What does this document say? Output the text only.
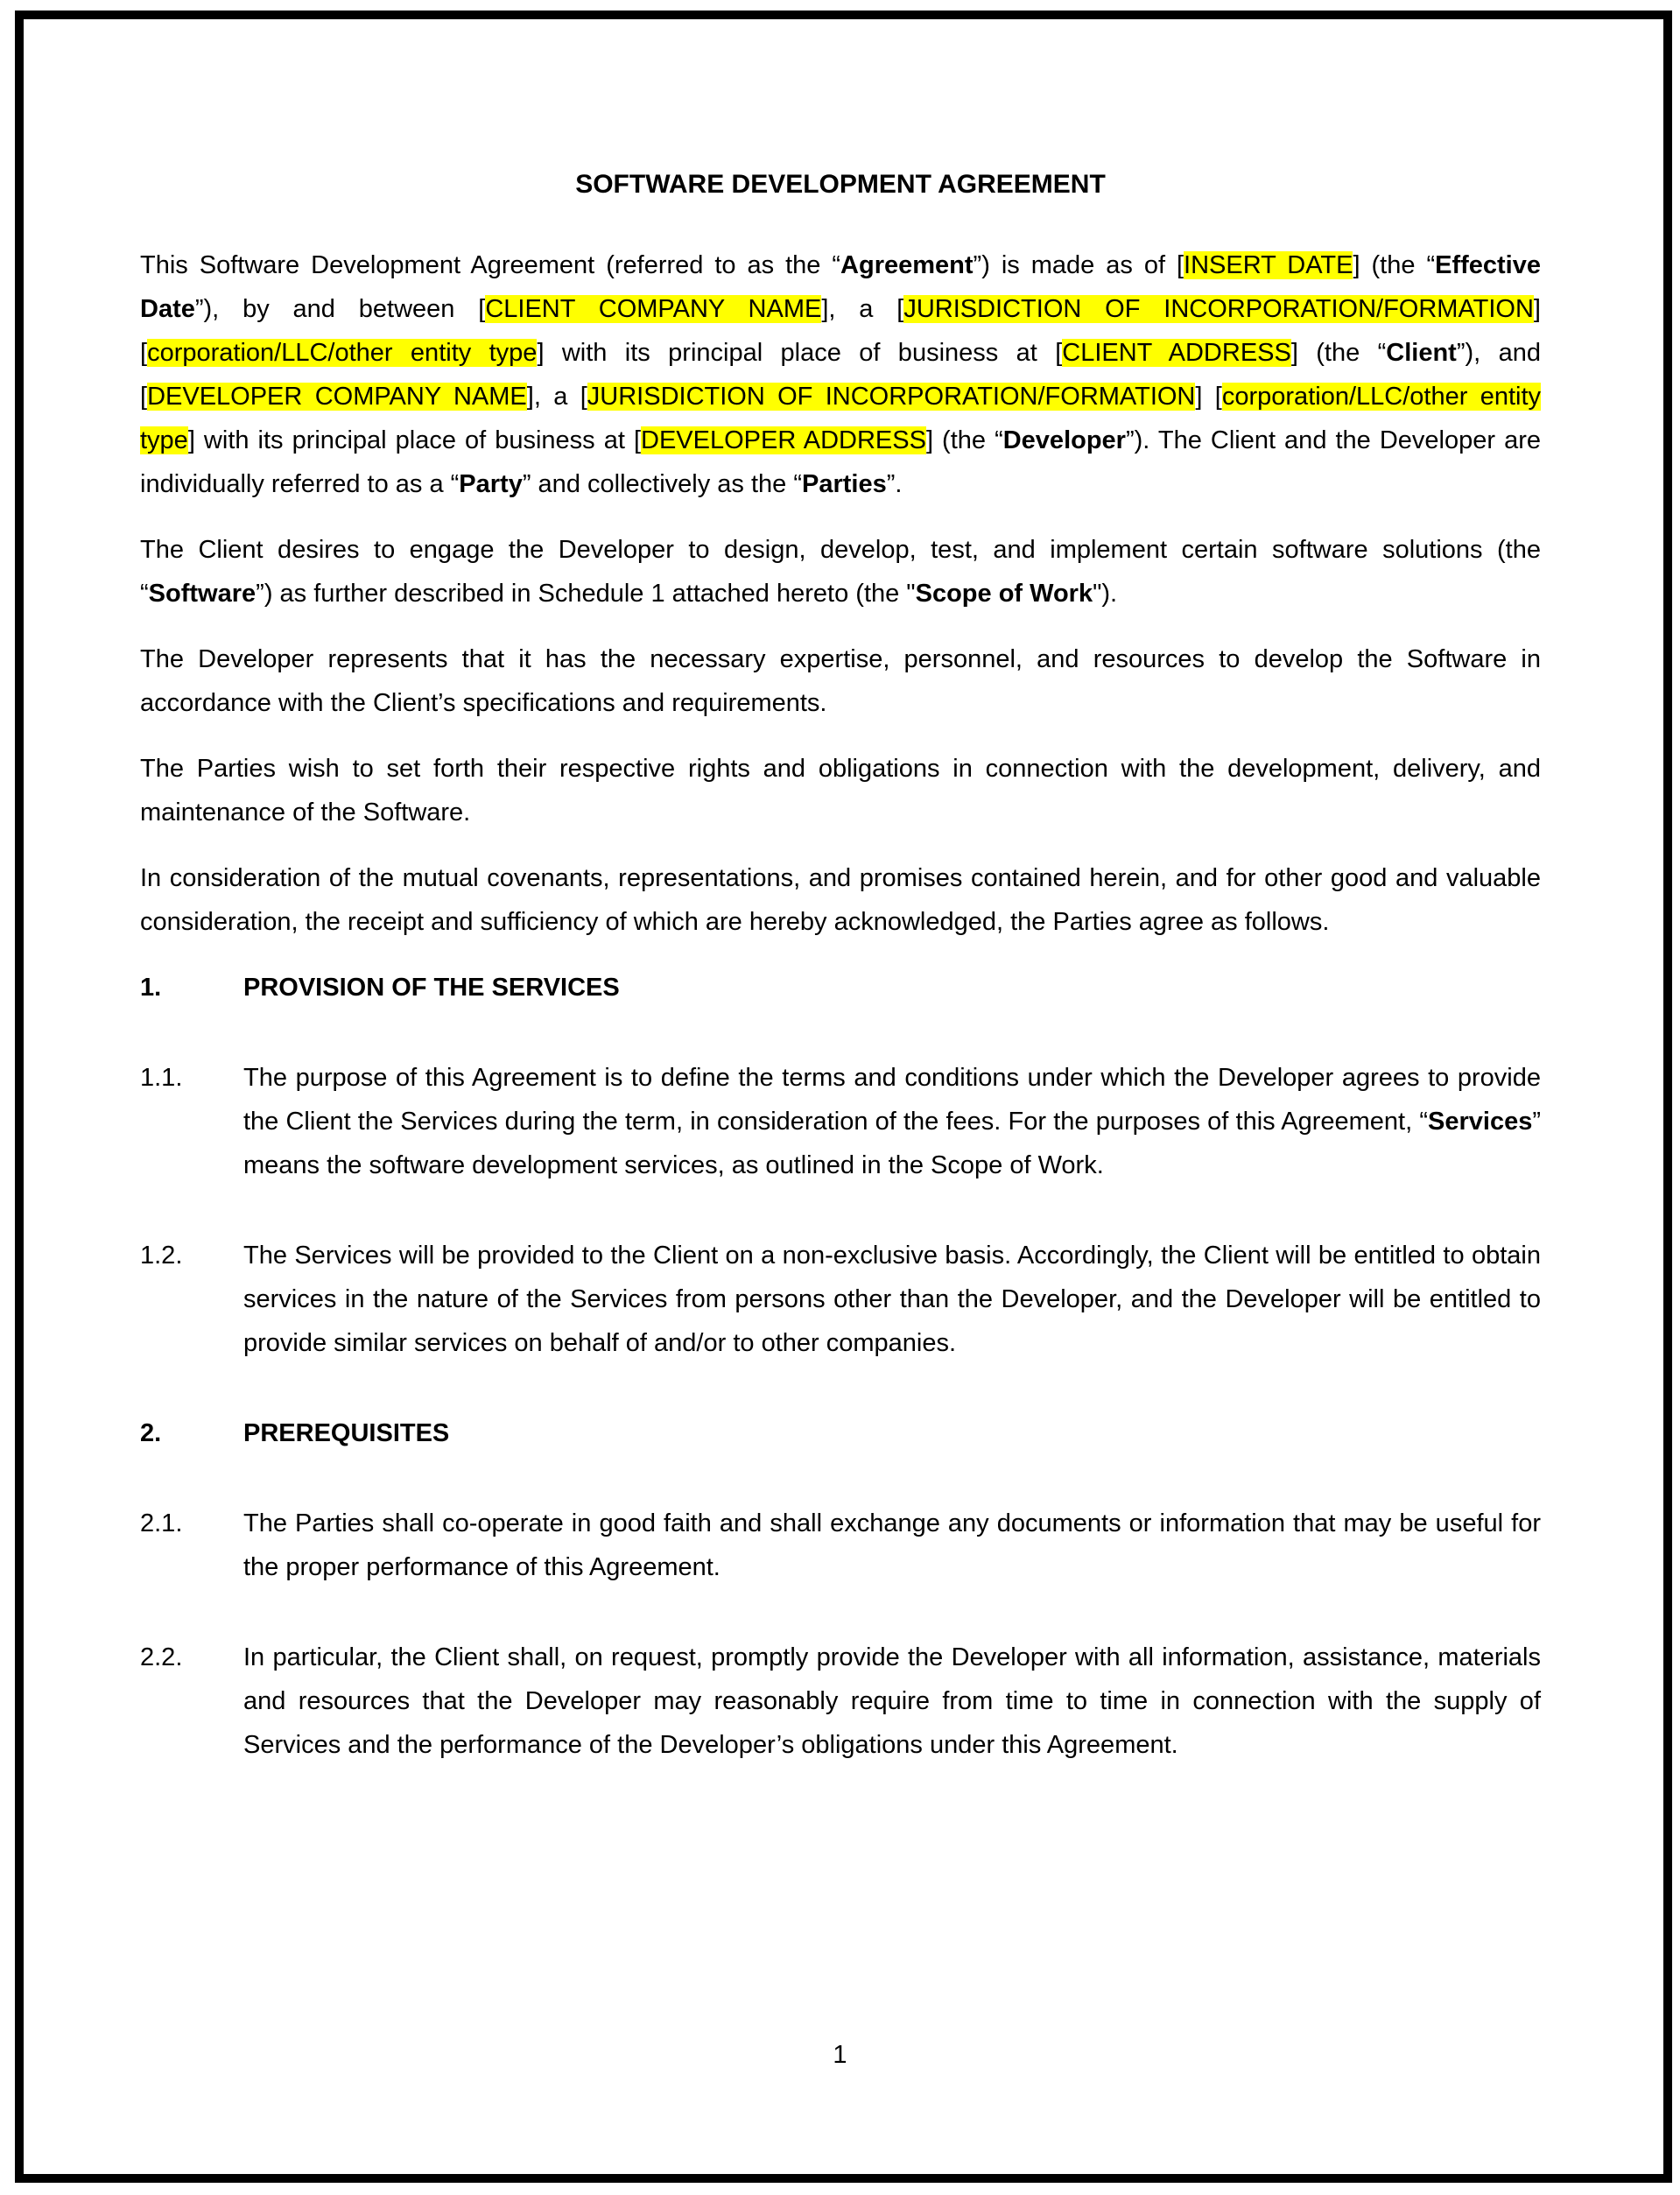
SOFTWARE DEVELOPMENT AGREEMENT
This Software Development Agreement (referred to as the “Agreement”) is made as of [INSERT DATE] (the “Effective Date”), by and between [CLIENT COMPANY NAME], a [JURISDICTION OF INCORPORATION/FORMATION] [corporation/LLC/other entity type] with its principal place of business at [CLIENT ADDRESS] (the “Client”), and [DEVELOPER COMPANY NAME], a [JURISDICTION OF INCORPORATION/FORMATION] [corporation/LLC/other entity type] with its principal place of business at [DEVELOPER ADDRESS] (the “Developer”). The Client and the Developer are individually referred to as a “Party” and collectively as the “Parties”.
The Client desires to engage the Developer to design, develop, test, and implement certain software solutions (the “Software”) as further described in Schedule 1 attached hereto (the "Scope of Work").
The Developer represents that it has the necessary expertise, personnel, and resources to develop the Software in accordance with the Client’s specifications and requirements.
The Parties wish to set forth their respective rights and obligations in connection with the development, delivery, and maintenance of the Software.
In consideration of the mutual covenants, representations, and promises contained herein, and for other good and valuable consideration, the receipt and sufficiency of which are hereby acknowledged, the Parties agree as follows.
1.	PROVISION OF THE SERVICES
1.1.	The purpose of this Agreement is to define the terms and conditions under which the Developer agrees to provide the Client the Services during the term, in consideration of the fees. For the purposes of this Agreement, “Services” means the software development services, as outlined in the Scope of Work.
1.2.	The Services will be provided to the Client on a non-exclusive basis. Accordingly, the Client will be entitled to obtain services in the nature of the Services from persons other than the Developer, and the Developer will be entitled to provide similar services on behalf of and/or to other companies.
2.	PREREQUISITES
2.1.	The Parties shall co-operate in good faith and shall exchange any documents or information that may be useful for the proper performance of this Agreement.
2.2.	In particular, the Client shall, on request, promptly provide the Developer with all information, assistance, materials and resources that the Developer may reasonably require from time to time in connection with the supply of Services and the performance of the Developer’s obligations under this Agreement.
1
